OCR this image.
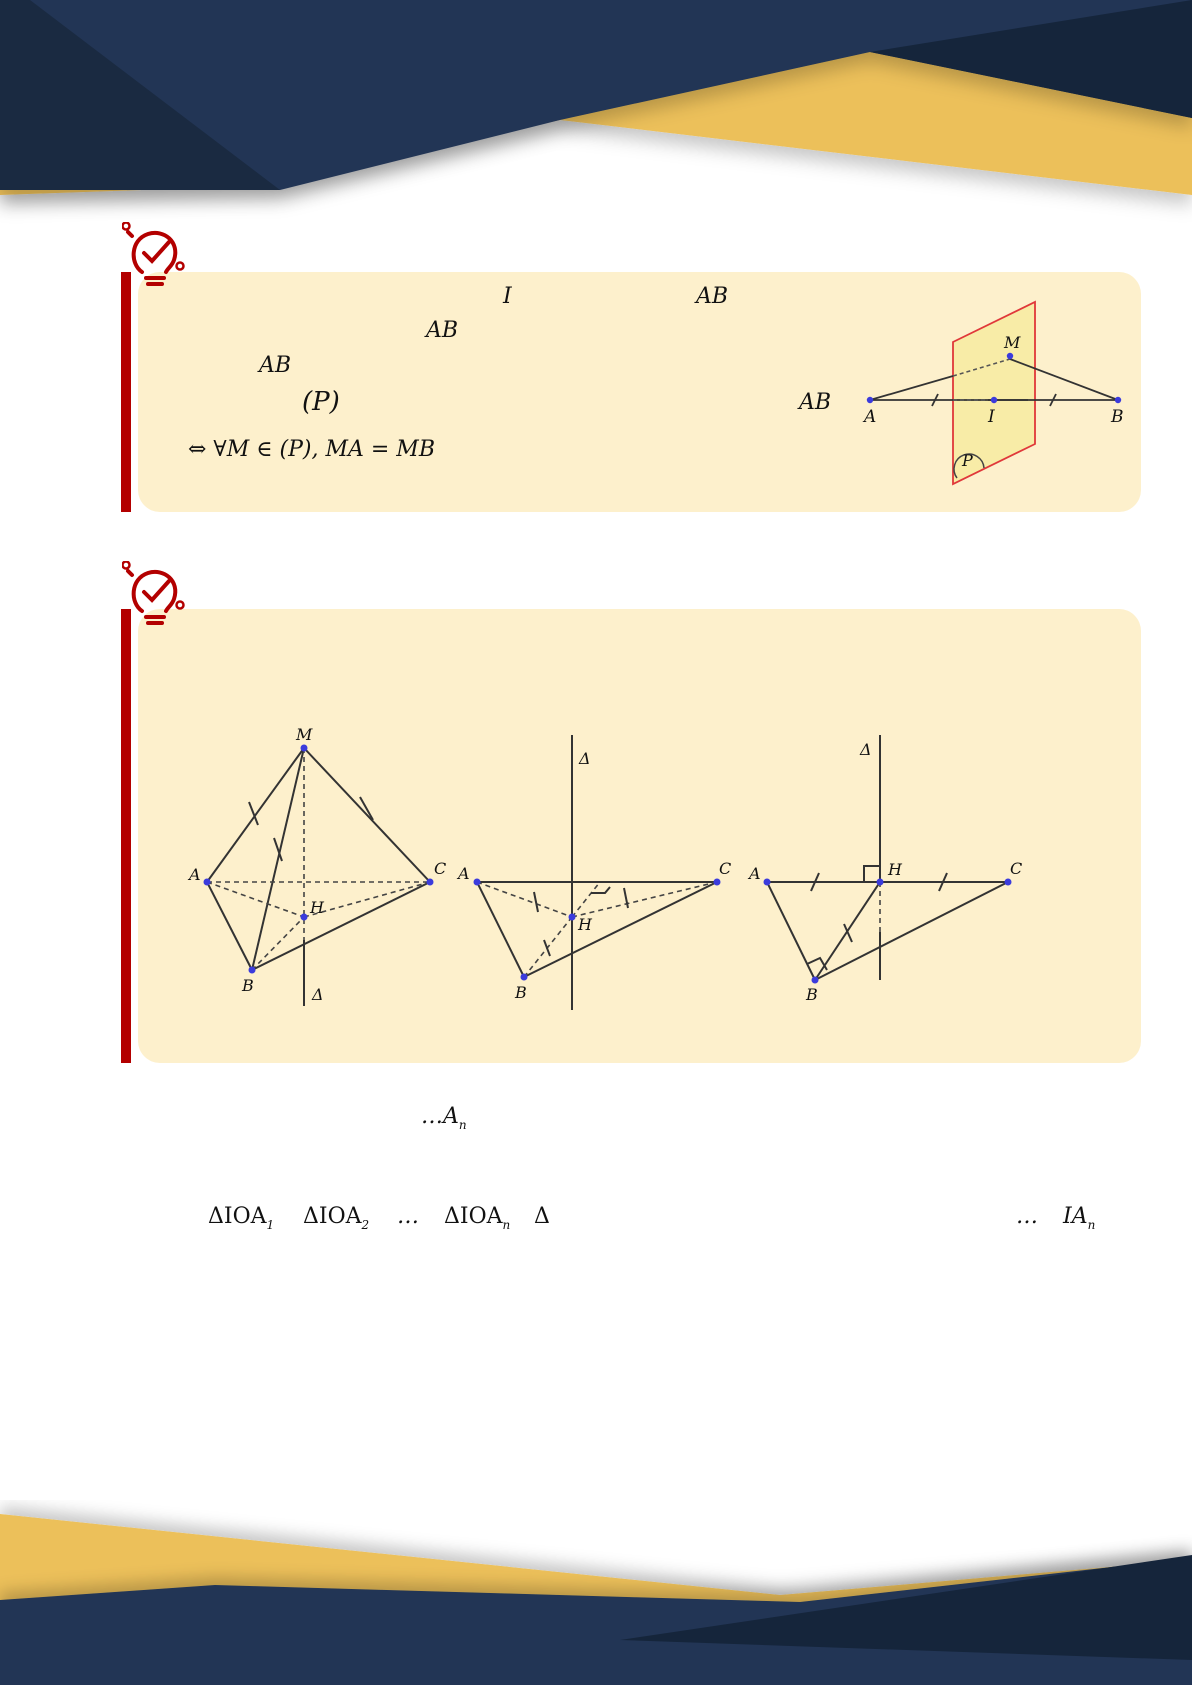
I	AB
AB
AB
(P)	AB
⇔ ∀M ∈ (P), MA = MB
A	B
I
M
P
M
A	C
B
H
Δ
Δ
A	C
B
H
Δ
A	C
B
H
$\dots A_n$
$\Delta IOA_1$ $\Delta IOA_2$ … $\Delta IOA_n$ Δ	… $IA_n$
